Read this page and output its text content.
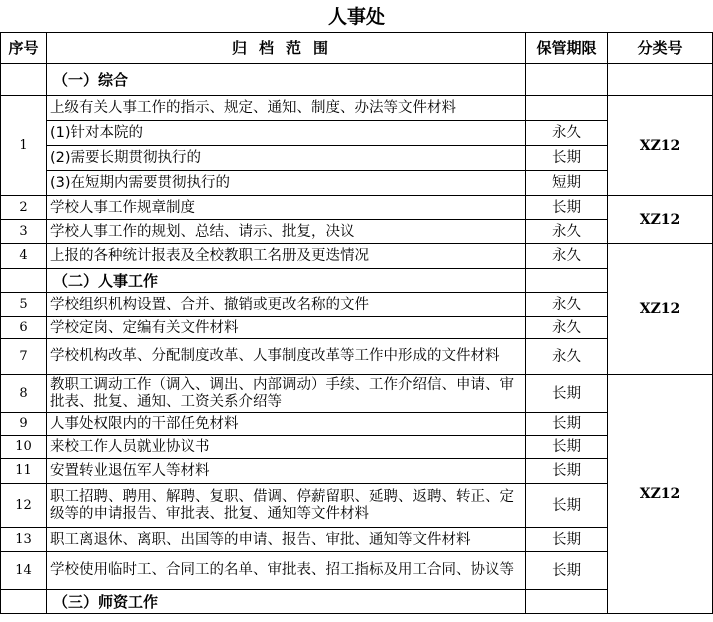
人事处
序号	归档范围	保管期限	分类号
	（一）综合		
1	上级有关人事工作的指示、规定、通知、制度、办法等文件材料		XZ12
	(1)针对本院的	永久	
	(2)需要长期贯彻执行的	长期	
	(3)在短期内需要贯彻执行的	短期	
2	学校人事工作规章制度	长期	XZ12
3	学校人事工作的规划、总结、请示、批复，决议	永久	
4	上报的各种统计报表及全校教职工名册及更迭情况	永久	XZ12
	（二）人事工作		
5	学校组织机构设置、合并、撤销或更改名称的文件	永久	
6	学校定岗、定编有关文件材料	永久	
7	学校机构改革、分配制度改革、人事制度改革等工作中形成的文件材料	永久	
8	教职工调动工作（调入、调出、内部调动）手续、工作介绍信、申请、审批表、批复、通知、工资关系介绍等	长期	XZ12
9	人事处权限内的干部任免材料	长期	
10	来校工作人员就业协议书	长期	
11	安置转业退伍军人等材料	长期	
12	职工招聘、聘用、解聘、复职、借调、停薪留职、延聘、返聘、转正、定级等的申请报告、审批表、批复、通知等文件材料	长期	
13	职工离退休、离职、出国等的申请、报告、审批、通知等文件材料	长期	
14	学校使用临时工、合同工的名单、审批表、招工指标及用工合同、协议等	长期	
	（三）师资工作		
